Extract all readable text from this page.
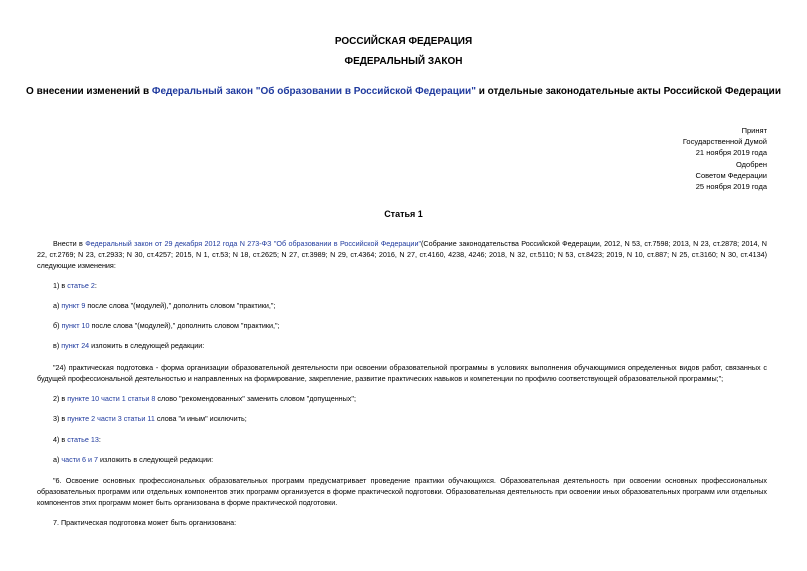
РОССИЙСКАЯ ФЕДЕРАЦИЯ
ФЕДЕРАЛЬНЫЙ ЗАКОН
О внесении изменений в Федеральный закон "Об образовании в Российской Федерации" и отдельные законодательные акты Российской Федерации
Принят
Государственной Думой
21 ноября 2019 года
Одобрен
Советом Федерации
25 ноября 2019 года
Статья 1
Внести в Федеральный закон от 29 декабря 2012 года N 273-ФЗ "Об образовании в Российской Федерации"(Собрание законодательства Российской Федерации, 2012, N 53, ст.7598; 2013, N 23, ст.2878; 2014, N 22, ст.2769; N 23, ст.2933; N 30, ст.4257; 2015, N 1, ст.53; N 18, ст.2625; N 27, ст.3989; N 29, ст.4364; 2016, N 27, ст.4160, 4238, 4246; 2018, N 32, ст.5110; N 53, ст.8423; 2019, N 10, ст.887; N 25, ст.3160; N 30, ст.4134) следующие изменения:
1) в статье 2:
а) пункт 9 после слова "(модулей)," дополнить словом "практики,";
б) пункт 10 после слова "(модулей)," дополнить словом "практики,";
в) пункт 24 изложить в следующей редакции:
"24) практическая подготовка - форма организации образовательной деятельности при освоении образовательной программы в условиях выполнения обучающимися определенных видов работ, связанных с будущей профессиональной деятельностью и направленных на формирование, закрепление, развитие практических навыков и компетенции по профилю соответствующей образовательной программы;";
2) в пункте 10 части 1 статьи 8 слово "рекомендованных" заменить словом "допущенных";
3) в пункте 2 части 3 статьи 11 слова "и иным" исключить;
4) в статье 13:
а) части 6 и 7 изложить в следующей редакции:
"6. Освоение основных профессиональных образовательных программ предусматривает проведение практики обучающихся. Образовательная деятельность при освоении основных профессиональных образовательных программ или отдельных компонентов этих программ организуется в форме практической подготовки. Образовательная деятельность при освоении иных образовательных программ или отдельных компонентов этих программ может быть организована в форме практической подготовки.
7. Практическая подготовка может быть организована:
